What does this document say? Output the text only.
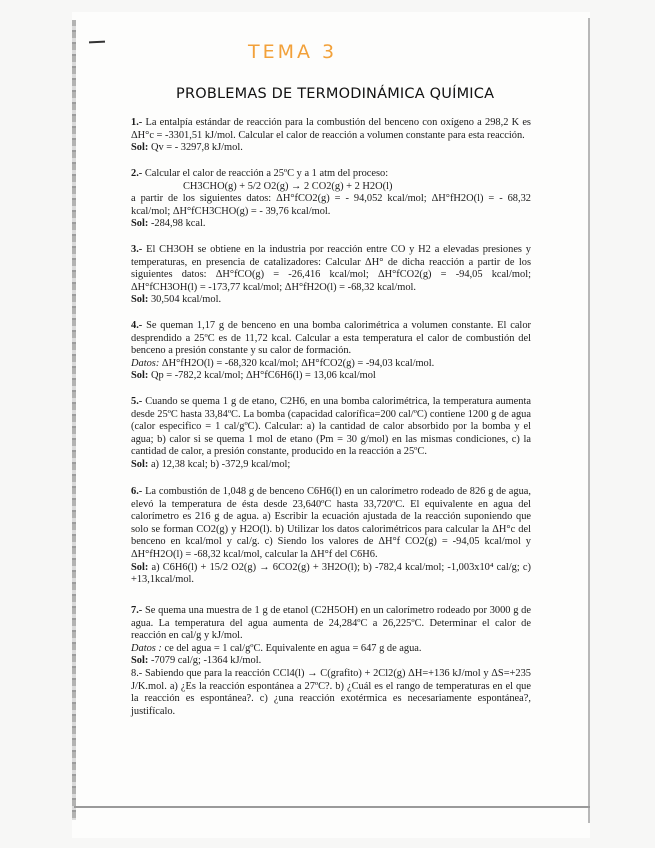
TEMA 3
PROBLEMAS DE TERMODINÁMICA QUÍMICA

1.- La entalpía estándar de reacción para la combustión del benceno con oxígeno a 298,2 K es ΔH°c = -3301,51 kJ/mol. Calcular el calor de reacción a volumen constante para esta reacción.

Sol: Qv = - 3297,8 kJ/mol.

2.- Calcular el calor de reacción a 25ºC y a 1 atm del proceso:

CH3CHO(g) + 5/2 O2(g) → 2 CO2(g) + 2 H2O(l)

a partir de los siguientes datos: ΔH°fCO2(g) = - 94,052 kcal/mol; ΔH°fH2O(l) = - 68,32 kcal/mol; ΔH°fCH3CHO(g) = - 39,76 kcal/mol.

Sol: -284,98 kcal.

3.- El CH3OH se obtiene en la industria por reacción entre CO y H2 a elevadas presiones y temperaturas, en presencia de catalizadores: Calcular ΔH° de dicha reacción a partir de los siguientes datos: ΔH°fCO(g) = -26,416 kcal/mol; ΔH°fCO2(g) = -94,05 kcal/mol; ΔH°fCH3OH(l) = -173,77 kcal/mol; ΔH°fH2O(l) = -68,32 kcal/mol.

Sol: 30,504 kcal/mol.

4.- Se queman 1,17 g de benceno en una bomba calorimétrica a volumen constante. El calor desprendido a 25ºC es de 11,72 kcal. Calcular a esta temperatura el calor de combustión del benceno a presión constante y su calor de formación.

Datos: ΔH°fH2O(l) = -68,320 kcal/mol; ΔH°fCO2(g) = -94,03 kcal/mol.

Sol: Qp = -782,2 kcal/mol; ΔH°fC6H6(l) = 13,06 kcal/mol

5.- Cuando se quema 1 g de etano, C2H6, en una bomba calorimétrica, la temperatura aumenta desde 25ºC hasta 33,84ºC. La bomba (capacidad calorífica=200 cal/ºC) contiene 1200 g de agua (calor especifico = 1 cal/gºC). Calcular: a) la cantidad de calor absorbido por la bomba y el agua; b) calor si se quema 1 mol de etano (Pm = 30 g/mol) en las mismas condiciones, c) la cantidad de calor, a presión constante, producido en la reacción a 25ºC.

Sol: a) 12,38 kcal; b) -372,9 kcal/mol;

6.- La combustión de 1,048 g de benceno C6H6(l) en un calorímetro rodeado de 826 g de agua, elevó la temperatura de ésta desde 23,640ºC hasta 33,720ºC. El equivalente en agua del calorímetro es 216 g de agua. a) Escribir la ecuación ajustada de la reacción suponiendo que solo se forman CO2(g) y H2O(l). b) Utilizar los datos calorimétricos para calcular la ΔH°c del benceno en kcal/mol y cal/g. c) Siendo los valores de ΔH°f CO2(g) = -94,05 kcal/mol y ΔH°fH2O(l) = -68,32 kcal/mol, calcular la ΔH°f del C6H6.

Sol: a) C6H6(l) + 15/2 O2(g) → 6CO2(g) + 3H2O(l); b) -782,4 kcal/mol; -1,003x10⁴ cal/g; c) +13,1kcal/mol.

7.- Se quema una muestra de 1 g de etanol (C2H5OH) en un calorímetro rodeado por 3000 g de agua. La temperatura del agua aumenta de 24,284ºC a 26,225ºC. Determinar el calor de reacción en cal/g y kJ/mol.

Datos : ce del agua = 1 cal/gºC. Equivalente en agua = 647 g de agua.

Sol: -7079 cal/g; -1364 kJ/mol.

8.- Sabiendo que para la reacción CCl4(l) → C(grafito) + 2Cl2(g) ΔH=+136 kJ/mol y ΔS=+235 J/K.mol. a) ¿Es la reacción espontánea a 27ºC?. b) ¿Cuál es el rango de temperaturas en el que la reacción es espontánea?. c) ¿una reacción exotérmica es necesariamente espontánea?, justifícalo.
